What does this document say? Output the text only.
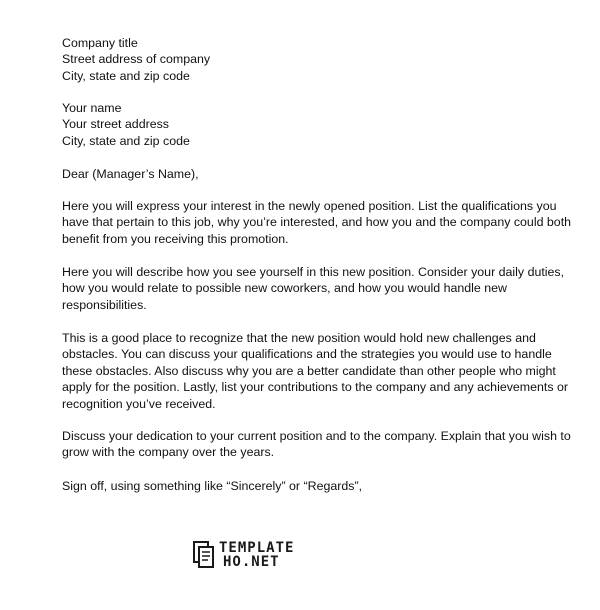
Company title
Street address of company
City, state and zip code
Your name
Your street address
City, state and zip code
Dear (Manager’s Name),
Here you will express your interest in the newly opened position. List the qualifications you have that pertain to this job, why you’re interested, and how you and the company could both benefit from you receiving this promotion.
Here you will describe how you see yourself in this new position. Consider your daily duties, how you would relate to possible new coworkers, and how you would handle new responsibilities.
This is a good place to recognize that the new position would hold new challenges and obstacles. You can discuss your qualifications and the strategies you would use to handle these obstacles. Also discuss why you are a better candidate than other people who might apply for the position. Lastly, list your contributions to the company and any achievements or recognition you’ve received.
Discuss your dedication to your current position and to the company. Explain that you wish to grow with the company over the years.
Sign off, using something like “Sincerely” or “Regards”,
TEMPLATE
HO.NET
